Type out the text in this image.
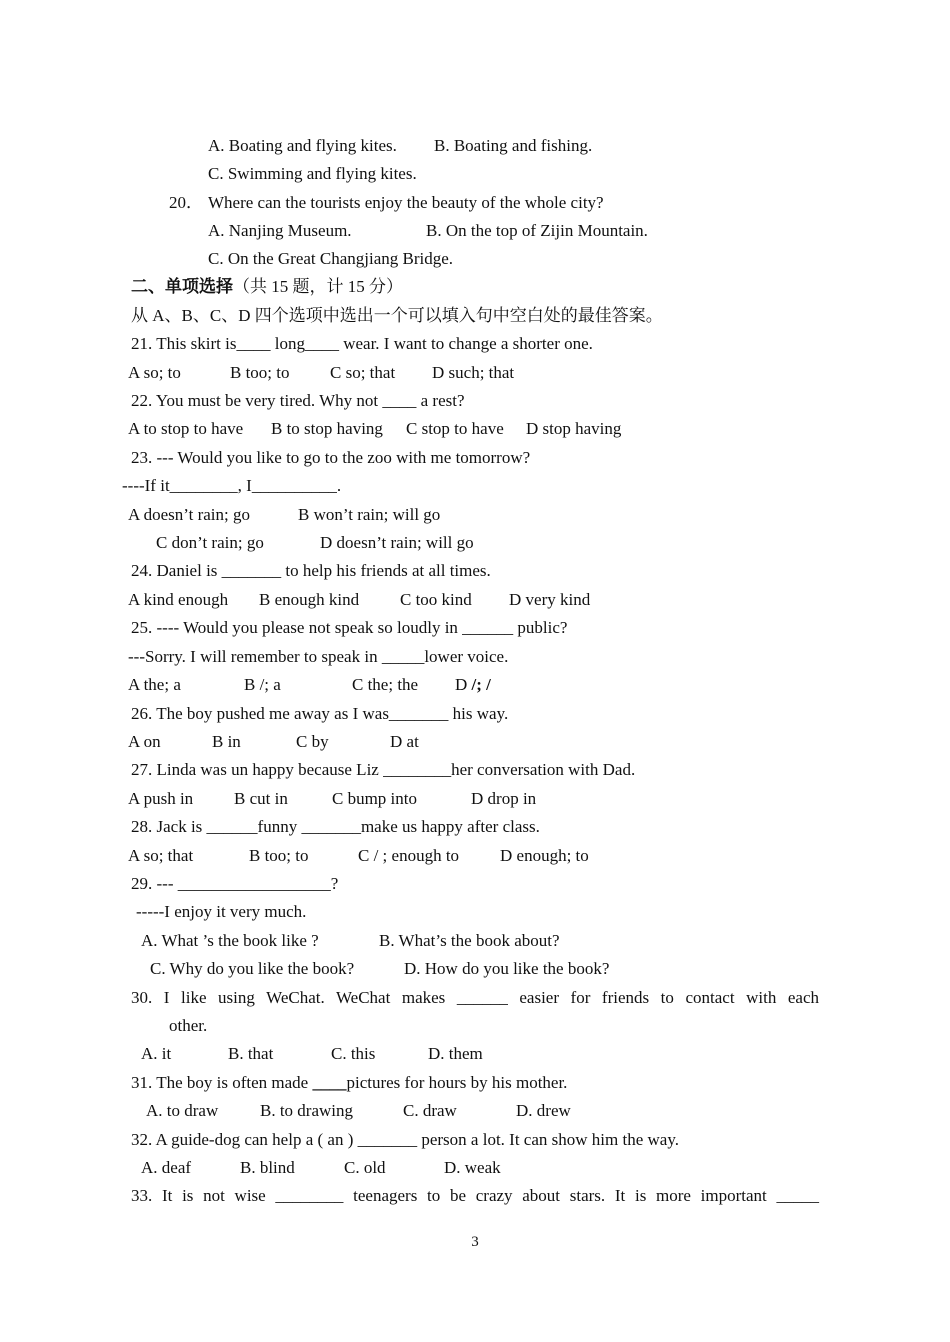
A. Boating and flying kites. B. Boating and fishing.
C. Swimming and flying kites.
20． Where can the tourists enjoy the beauty of the whole city?
A. Nanjing Museum.	B. On the top of Zijin Mountain.
C. On the Great Changjiang Bridge.
二、单项选择（共 15 题，计 15 分）
从 A、B、C、D 四个选项中选出一个可以填入句中空白处的最佳答案。
21. This skirt is____ long____ wear. I want to change a shorter one.
A so; to	B too; to C so; that D such; that
22. You must be very tired. Why not ____ a rest?
A to stop to have B to stop having C stop to have D stop having
23. --- Would you like to go to the zoo with me tomorrow?
----If it________, I__________.
A doesn’t rain; go	B won’t rain; will go
C don’t rain; go	D doesn’t rain; will go
24. Daniel is _______ to help his friends at all times.
A kind enough B enough kind C too kind D very kind
25. ---- Would you please not speak so loudly in ______ public?
---Sorry. I will remember to speak in _____lower voice.
A the; a	B /; a	C the; the D /; /
26. The boy pushed me away as I was_______ his way.
A on	B in	C by	D at
27. Linda was un happy because Liz ________her conversation with Dad.
A push in B cut in	C bump into	D drop in
28. Jack is ______funny _______make us happy after class.
A so; that	B too; to	C / ; enough to D enough; to
29. --- __________________?
-----I enjoy it very much.
A. What ’s the book like ?	B. What’s the book about?
C. Why do you like the book?	D. How do you like the book?
30. I like using WeChat. WeChat makes ______ easier for friends to contact with each
other.
A. it	B. that	C. this	D. them
31. The boy is often made ____pictures for hours by his mother.
A. to draw B. to drawing	C. draw	D. drew
32. A guide-dog can help a ( an ) _______ person a lot. It can show him the way.
A. deaf	B. blind	C. old	D. weak
33. It is not wise ________ teenagers to be crazy about stars. It is more important _____
3
